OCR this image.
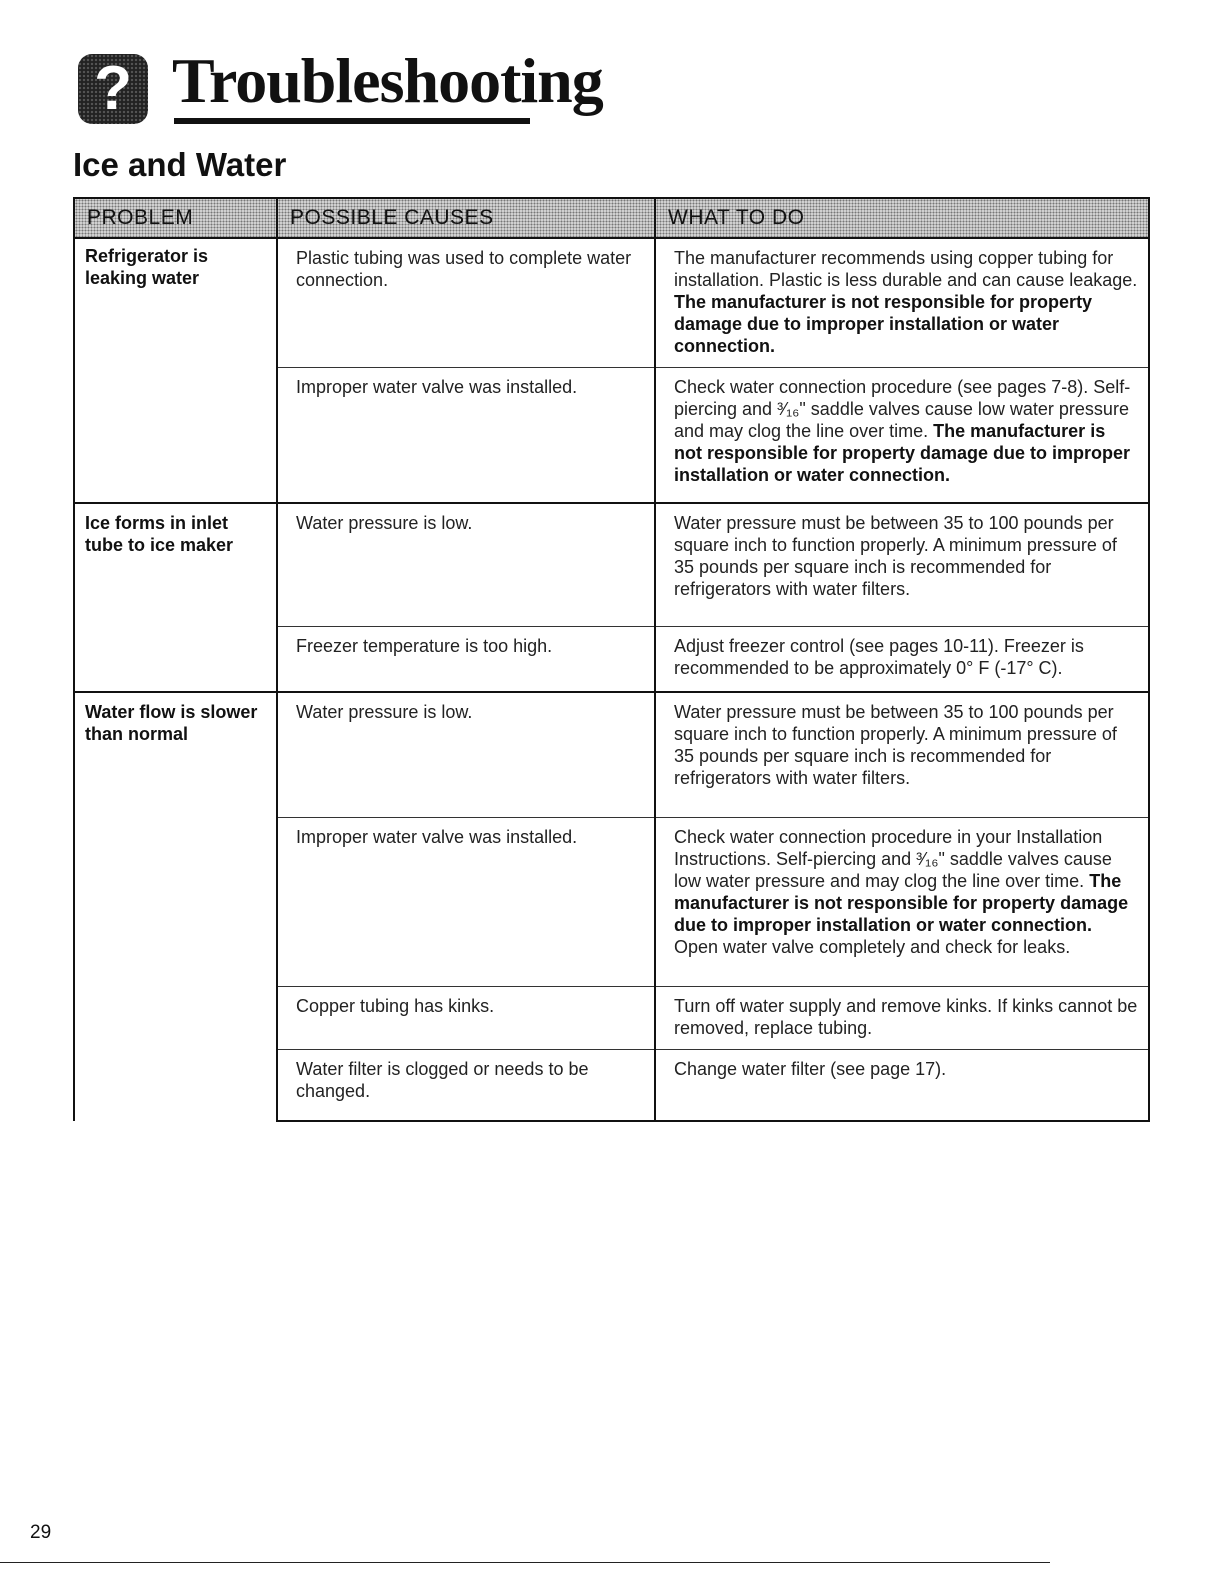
? Troubleshooting
Ice and Water
PROBLEM	POSSIBLE CAUSES	WHAT TO DO
Refrigerator is leaking water	Plastic tubing was used to complete water connection.	The manufacturer recommends using copper tubing for installation. Plastic is less durable and can cause leakage. The manufacturer is not responsible for property damage due to improper installation or water connection.
	Improper water valve was installed.	Check water connection procedure (see pages 7-8). Self-piercing and ³⁄₁₆" saddle valves cause low water pressure and may clog the line over time. The manufacturer is not responsible for property damage due to improper installation or water connection.
Ice forms in inlet tube to ice maker	Water pressure is low.	Water pressure must be between 35 to 100 pounds per square inch to function properly. A minimum pressure of 35 pounds per square inch is recommended for refrigerators with water filters.
	Freezer temperature is too high.	Adjust freezer control (see pages 10-11). Freezer is recommended to be approximately 0° F (-17° C).
Water flow is slower than normal	Water pressure is low.	Water pressure must be between 35 to 100 pounds per square inch to function properly. A minimum pressure of 35 pounds per square inch is recommended for refrigerators with water filters.
	Improper water valve was installed.	Check water connection procedure in your Installation Instructions. Self-piercing and ³⁄₁₆" saddle valves cause low water pressure and may clog the line over time. The manufacturer is not responsible for property damage due to improper installation or water connection. Open water valve completely and check for leaks.
	Copper tubing has kinks.	Turn off water supply and remove kinks. If kinks cannot be removed, replace tubing.
	Water filter is clogged or needs to be changed.	Change water filter (see page 17).
29
